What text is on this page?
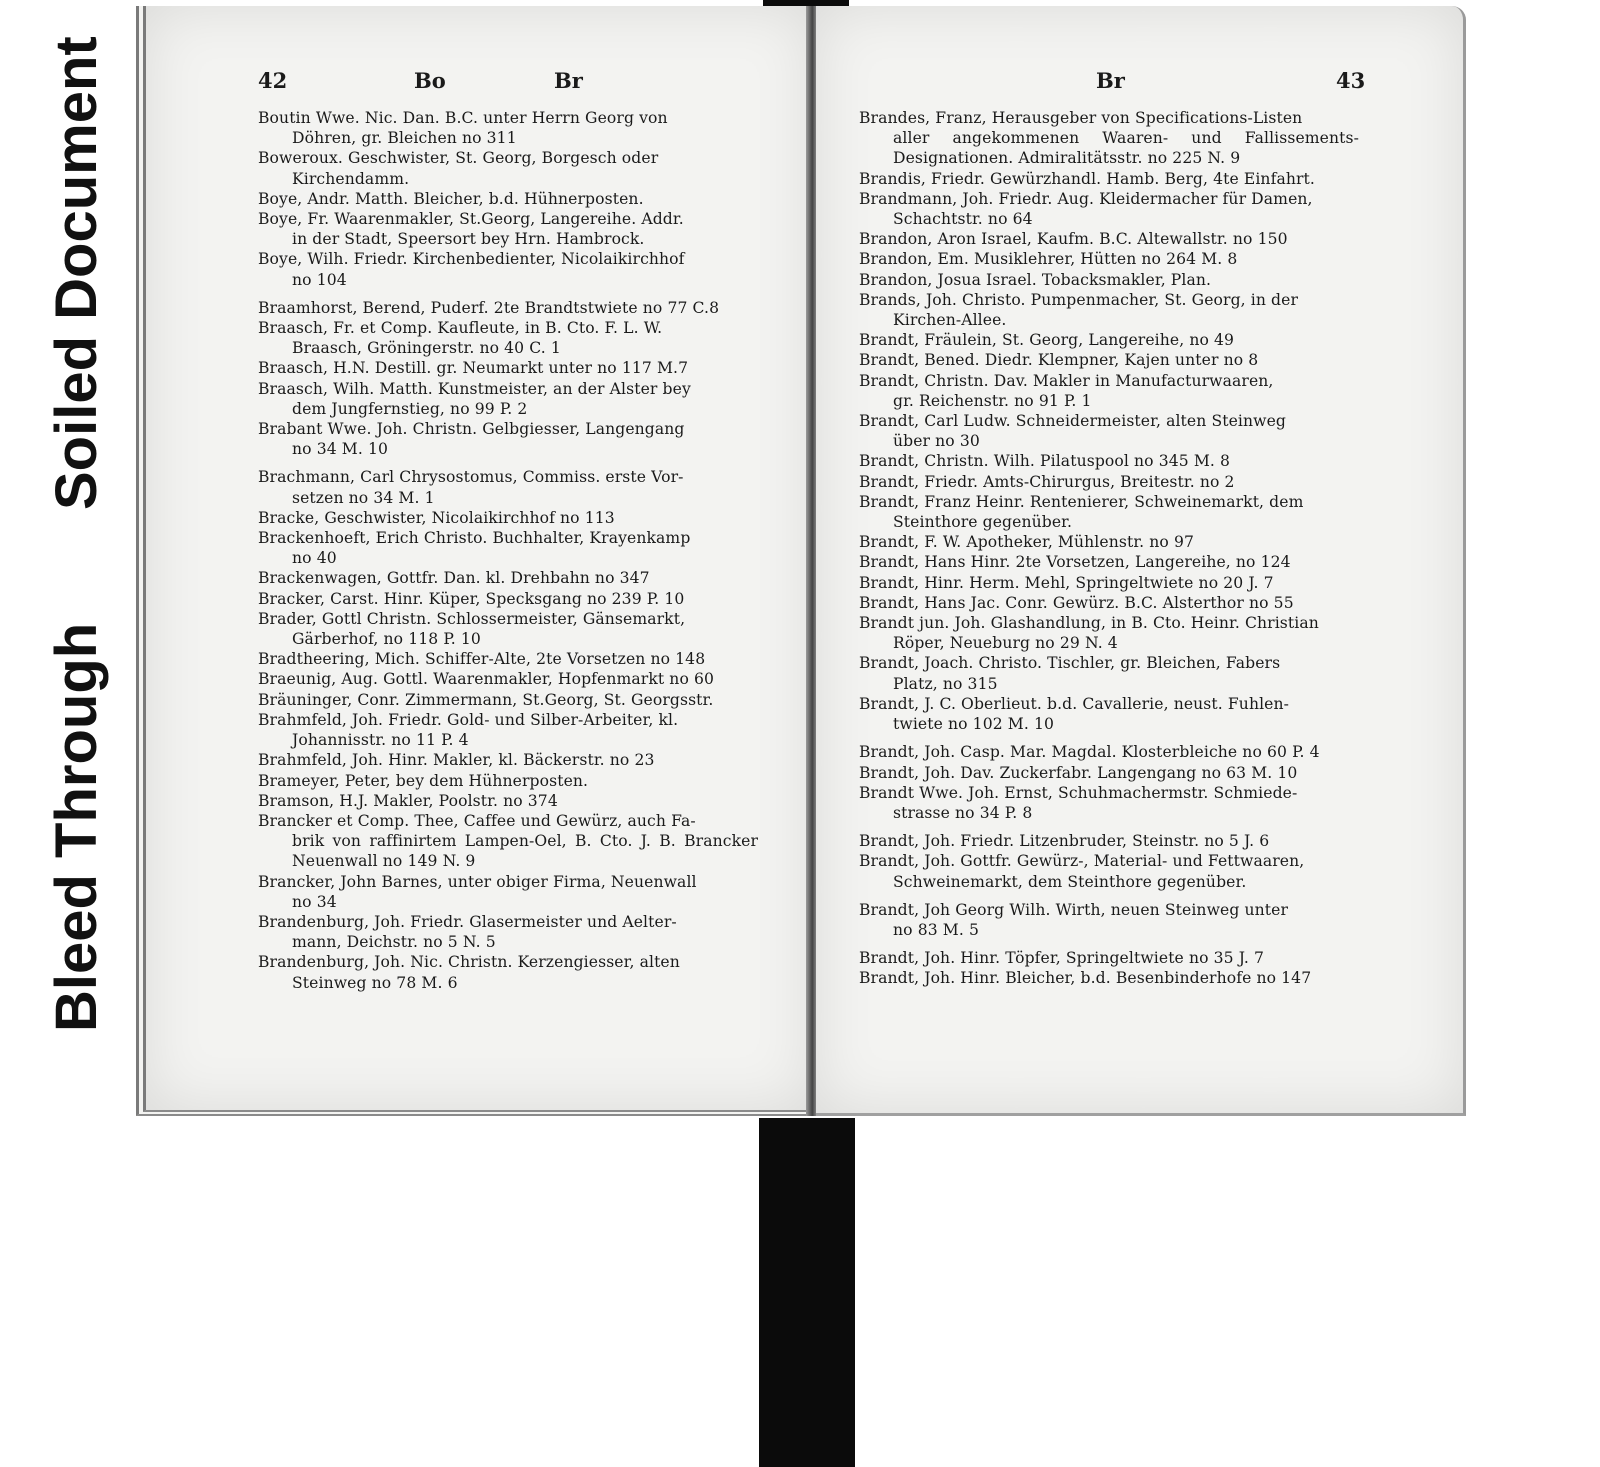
Soiled Document
Bleed Through
42	Bo	Br

Boutin Wwe. Nic. Dan. B.C. unter Herrn Georg von
Döhren, gr. Bleichen no 311

Boweroux. Geschwister, St. Georg, Borgesch oder
Kirchendamm.

Boye, Andr. Matth. Bleicher, b.d. Hühnerposten.

Boye, Fr. Waarenmakler, St.Georg, Langereihe. Addr.
in der Stadt, Speersort bey Hrn. Hambrock.

Boye, Wilh. Friedr. Kirchenbedienter, Nicolaikirchhof
no 104

Braamhorst, Berend, Puderf. 2te Brandtstwiete no 77 C.8

Braasch, Fr. et Comp. Kaufleute, in B. Cto. F. L. W.
Braasch, Gröningerstr. no 40 C. 1

Braasch, H.N. Destill. gr. Neumarkt unter no 117 M.7

Braasch, Wilh. Matth. Kunstmeister, an der Alster bey
dem Jungfernstieg, no 99 P. 2

Brabant Wwe. Joh. Christn. Gelbgiesser, Langengang
no 34 M. 10

Brachmann, Carl Chrysostomus, Commiss. erste Vor-
setzen no 34 M. 1

Bracke, Geschwister, Nicolaikirchhof no 113

Brackenhoeft, Erich Christo. Buchhalter, Krayenkamp
no 40

Brackenwagen, Gottfr. Dan. kl. Drehbahn no 347

Bracker, Carst. Hinr. Küper, Specksgang no 239 P. 10

Brader, Gottl Christn. Schlossermeister, Gänsemarkt,
Gärberhof, no 118 P. 10

Bradtheering, Mich. Schiffer-Alte, 2te Vorsetzen no 148

Braeunig, Aug. Gottl. Waarenmakler, Hopfenmarkt no 60

Bräuninger, Conr. Zimmermann, St.Georg, St. Georgsstr.

Brahmfeld, Joh. Friedr. Gold- und Silber-Arbeiter, kl.
Johannisstr. no 11 P. 4

Brahmfeld, Joh. Hinr. Makler, kl. Bäckerstr. no 23

Brameyer, Peter, bey dem Hühnerposten.

Bramson, H.J. Makler, Poolstr. no 374

Brancker et Comp. Thee, Caffee und Gewürz, auch Fa-
brik von raffinirtem Lampen-Oel, B. Cto. J. B. Brancker Neuenwall no 149 N. 9

Brancker, John Barnes, unter obiger Firma, Neuenwall
no 34

Brandenburg, Joh. Friedr. Glasermeister und Aelter-
mann, Deichstr. no 5 N. 5

Brandenburg, Joh. Nic. Christn. Kerzengiesser, alten
Steinweg no 78 M. 6

Br	43

Brandes, Franz, Herausgeber von Specifications-Listen
aller angekommenen Waaren- und Fallissements-Designationen. Admiralitätsstr. no 225 N. 9

Brandis, Friedr. Gewürzhandl. Hamb. Berg, 4te Einfahrt.

Brandmann, Joh. Friedr. Aug. Kleidermacher für Damen,
Schachtstr. no 64

Brandon, Aron Israel, Kaufm. B.C. Altewallstr. no 150

Brandon, Em. Musiklehrer, Hütten no 264 M. 8

Brandon, Josua Israel. Tobacksmakler, Plan.

Brands, Joh. Christo. Pumpenmacher, St. Georg, in der
Kirchen-Allee.

Brandt, Fräulein, St. Georg, Langereihe, no 49

Brandt, Bened. Diedr. Klempner, Kajen unter no 8

Brandt, Christn. Dav. Makler in Manufacturwaaren,
gr. Reichenstr. no 91 P. 1

Brandt, Carl Ludw. Schneidermeister, alten Steinweg
über no 30

Brandt, Christn. Wilh. Pilatuspool no 345 M. 8

Brandt, Friedr. Amts-Chirurgus, Breitestr. no 2

Brandt, Franz Heinr. Rentenierer, Schweinemarkt, dem
Steinthore gegenüber.

Brandt, F. W. Apotheker, Mühlenstr. no 97

Brandt, Hans Hinr. 2te Vorsetzen, Langereihe, no 124

Brandt, Hinr. Herm. Mehl, Springeltwiete no 20 J. 7

Brandt, Hans Jac. Conr. Gewürz. B.C. Alsterthor no 55

Brandt jun. Joh. Glashandlung, in B. Cto. Heinr. Christian
Röper, Neueburg no 29 N. 4

Brandt, Joach. Christo. Tischler, gr. Bleichen, Fabers
Platz, no 315

Brandt, J. C. Oberlieut. b.d. Cavallerie, neust. Fuhlen-
twiete no 102 M. 10

Brandt, Joh. Casp. Mar. Magdal. Klosterbleiche no 60 P. 4

Brandt, Joh. Dav. Zuckerfabr. Langengang no 63 M. 10

Brandt Wwe. Joh. Ernst, Schuhmachermstr. Schmiede-
strasse no 34 P. 8

Brandt, Joh. Friedr. Litzenbruder, Steinstr. no 5 J. 6

Brandt, Joh. Gottfr. Gewürz-, Material- und Fettwaaren,
Schweinemarkt, dem Steinthore gegenüber.

Brandt, Joh Georg Wilh. Wirth, neuen Steinweg unter
no 83 M. 5

Brandt, Joh. Hinr. Töpfer, Springeltwiete no 35 J. 7

Brandt, Joh. Hinr. Bleicher, b.d. Besenbinderhofe no 147
